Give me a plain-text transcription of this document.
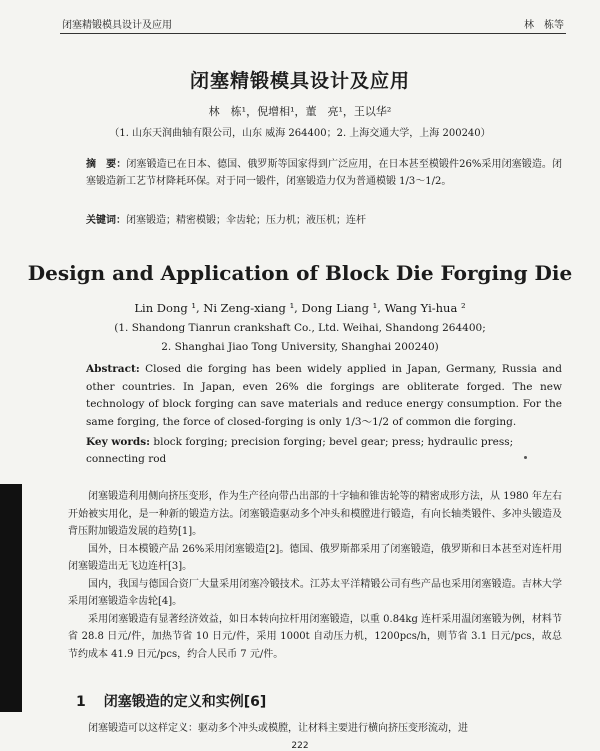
闭塞精锻模具设计及应用	林　栋等
闭塞精锻模具设计及应用
林　栋¹，倪增相¹，董　亮¹，王以华²
（1. 山东天润曲轴有限公司，山东 威海 264400；2. 上海交通大学，上海 200240）
摘　要：闭塞锻造已在日本、德国、俄罗斯等国家得到广泛应用，在日本甚至模锻件26%采用闭塞锻造。闭塞锻造新工艺节材降耗环保。对于同一锻件，闭塞锻造力仅为普通模锻 1/3～1/2。
关键词：闭塞锻造；精密模锻；伞齿轮；压力机；液压机；连杆
Design and Application of Block Die Forging Die
Lin Dong ¹, Ni Zeng-xiang ¹, Dong Liang ¹, Wang Yi-hua ²
(1. Shandong Tianrun crankshaft Co., Ltd. Weihai, Shandong 264400;
2. Shanghai Jiao Tong University, Shanghai 200240)
Abstract: Closed die forging has been widely applied in Japan, Germany, Russia and other countries. In Japan, even 26% die forgings are obliterate forged. The new technology of block forging can save materials and reduce energy consumption. For the same forging, the force of closed-forging is only 1/3～1/2 of common die forging.
Key words: block forging; precision forging; bevel gear; press; hydraulic press; connecting rod

闭塞锻造利用侧向挤压变形，作为生产径向带凸出部的十字轴和锥齿轮等的精密成形方法，从 1980 年左右开始被实用化，是一种新的锻造方法。闭塞锻造驱动多个冲头和模膛进行锻造，有向长轴类锻件、多冲头锻造及背压附加锻造发展的趋势[1]。

国外，日本模锻产品 26%采用闭塞锻造[2]。德国、俄罗斯都采用了闭塞锻造，俄罗斯和日本甚至对连杆用闭塞锻造出无飞边连杆[3]。

国内，我国与德国合资厂大量采用闭塞冷锻技术。江苏太平洋精锻公司有些产品也采用闭塞锻造。吉林大学采用闭塞锻造伞齿轮[4]。

采用闭塞锻造有显著经济效益，如日本转向拉杆用闭塞锻造，以重 0.84kg 连杆采用温闭塞锻为例，材料节省 28.8 日元/件，加热节省 10 日元/件，采用 1000t 自动压力机，1200pcs/h，则节省 3.1 日元/pcs，故总节约成本 41.9 日元/pcs，约合人民币 7 元/件。

1 闭塞锻造的定义和实例[6]
闭塞锻造可以这样定义：驱动多个冲头或模膛，让材料主要进行横向挤压变形流动，进
222
